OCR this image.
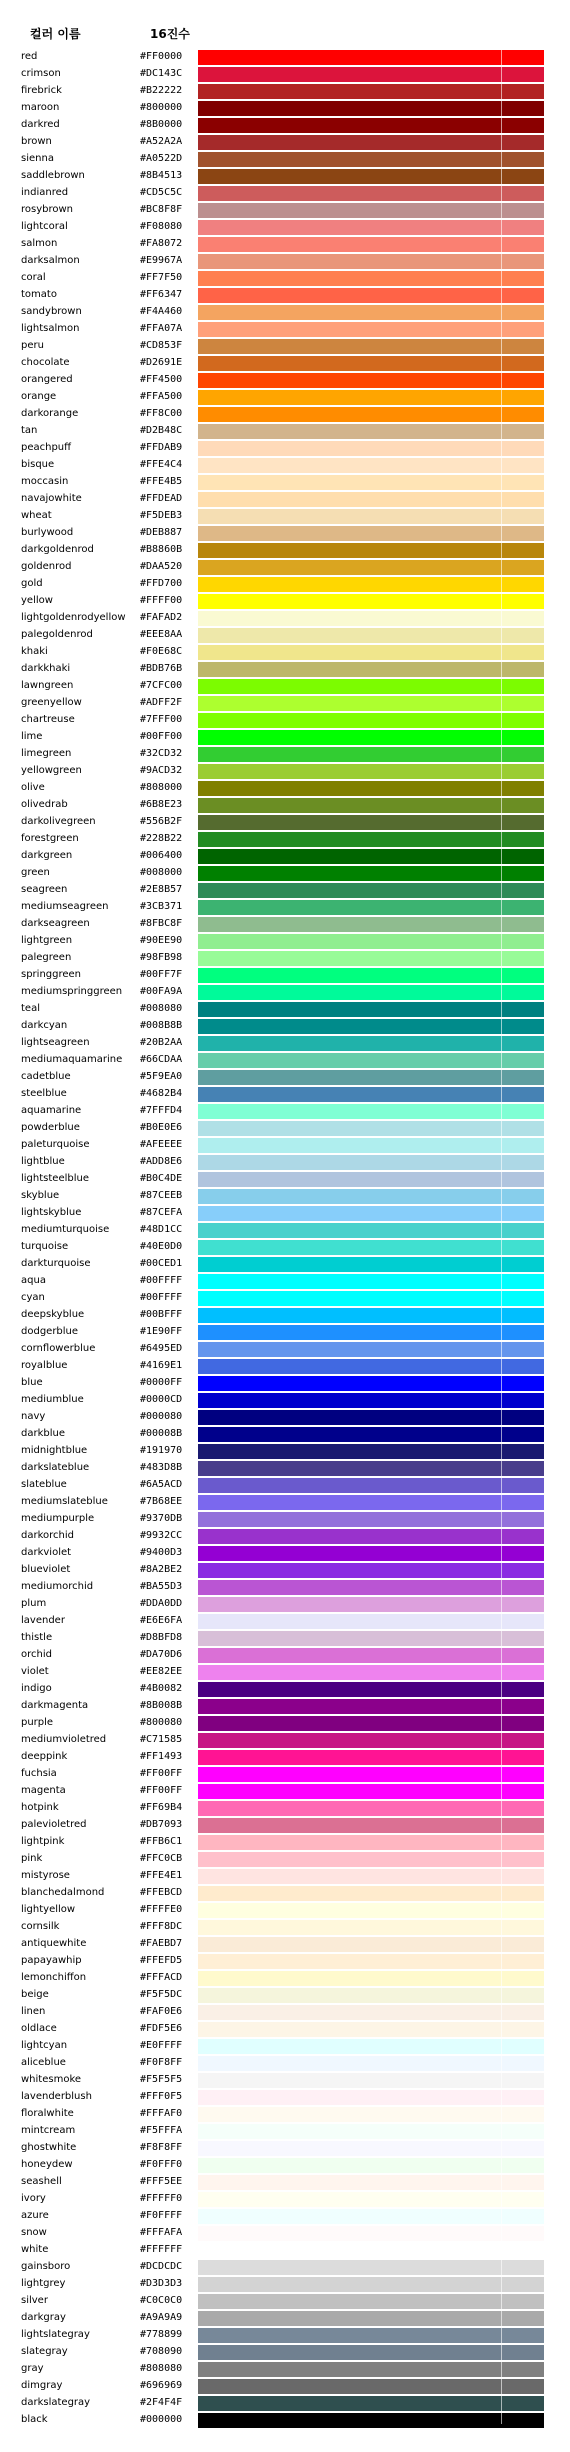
컬러 이름	16진수
red	#FF0000
crimson	#DC143C
firebrick	#B22222
maroon	#800000
darkred	#8B0000
brown	#A52A2A
sienna	#A0522D
saddlebrown	#8B4513
indianred	#CD5C5C
rosybrown	#BC8F8F
lightcoral	#F08080
salmon	#FA8072
darksalmon	#E9967A
coral	#FF7F50
tomato	#FF6347
sandybrown	#F4A460
lightsalmon	#FFA07A
peru	#CD853F
chocolate	#D2691E
orangered	#FF4500
orange	#FFA500
darkorange	#FF8C00
tan	#D2B48C
peachpuff	#FFDAB9
bisque	#FFE4C4
moccasin	#FFE4B5
navajowhite	#FFDEAD
wheat	#F5DEB3
burlywood	#DEB887
darkgoldenrod	#B8860B
goldenrod	#DAA520
gold	#FFD700
yellow	#FFFF00
lightgoldenrodyellow #FAFAD2
palegoldenrod	#EEE8AA
khaki	#F0E68C
darkkhaki	#BDB76B
lawngreen	#7CFC00
greenyellow	#ADFF2F
chartreuse	#7FFF00
lime	#00FF00
limegreen	#32CD32
yellowgreen	#9ACD32
olive	#808000
olivedrab	#6B8E23
darkolivegreen	#556B2F
forestgreen	#228B22
darkgreen	#006400
green	#008000
seagreen	#2E8B57
mediumseagreen	#3CB371
darkseagreen	#8FBC8F
lightgreen	#90EE90
palegreen	#98FB98
springgreen	#00FF7F
mediumspringgreen #00FA9A
teal	#008080
darkcyan	#008B8B
lightseagreen	#20B2AA
mediumaquamarine #66CDAA
cadetblue	#5F9EA0
steelblue	#4682B4
aquamarine	#7FFFD4
powderblue	#B0E0E6
paleturquoise	#AFEEEE
lightblue	#ADD8E6
lightsteelblue	#B0C4DE
skyblue	#87CEEB
lightskyblue	#87CEFA
mediumturquoise	#48D1CC
turquoise	#40E0D0
darkturquoise	#00CED1
aqua	#00FFFF
cyan	#00FFFF
deepskyblue	#00BFFF
dodgerblue	#1E90FF
cornflowerblue	#6495ED
royalblue	#4169E1
blue	#0000FF
mediumblue	#0000CD
navy	#000080
darkblue	#00008B
midnightblue	#191970
darkslateblue	#483D8B
slateblue	#6A5ACD
mediumslateblue	#7B68EE
mediumpurple	#9370DB
darkorchid	#9932CC
darkviolet	#9400D3
blueviolet	#8A2BE2
mediumorchid	#BA55D3
plum	#DDA0DD
lavender	#E6E6FA
thistle	#D8BFD8
orchid	#DA70D6
violet	#EE82EE
indigo	#4B0082
darkmagenta	#8B008B
purple	#800080
mediumvioletred	#C71585
deeppink	#FF1493
fuchsia	#FF00FF
magenta	#FF00FF
hotpink	#FF69B4
palevioletred	#DB7093
lightpink	#FFB6C1
pink	#FFC0CB
mistyrose	#FFE4E1
blanchedalmond	#FFEBCD
lightyellow	#FFFFE0
cornsilk	#FFF8DC
antiquewhite	#FAEBD7
papayawhip	#FFEFD5
lemonchiffon	#FFFACD
beige	#F5F5DC
linen	#FAF0E6
oldlace	#FDF5E6
lightcyan	#E0FFFF
aliceblue	#F0F8FF
whitesmoke	#F5F5F5
lavenderblush	#FFF0F5
floralwhite	#FFFAF0
mintcream	#F5FFFA
ghostwhite	#F8F8FF
honeydew	#F0FFF0
seashell	#FFF5EE
ivory	#FFFFF0
azure	#F0FFFF
snow	#FFFAFA
white	#FFFFFF
gainsboro	#DCDCDC
lightgrey	#D3D3D3
silver	#C0C0C0
darkgray	#A9A9A9
lightslategray	#778899
slategray	#708090
gray	#808080
dimgray	#696969
darkslategray	#2F4F4F
black	#000000
